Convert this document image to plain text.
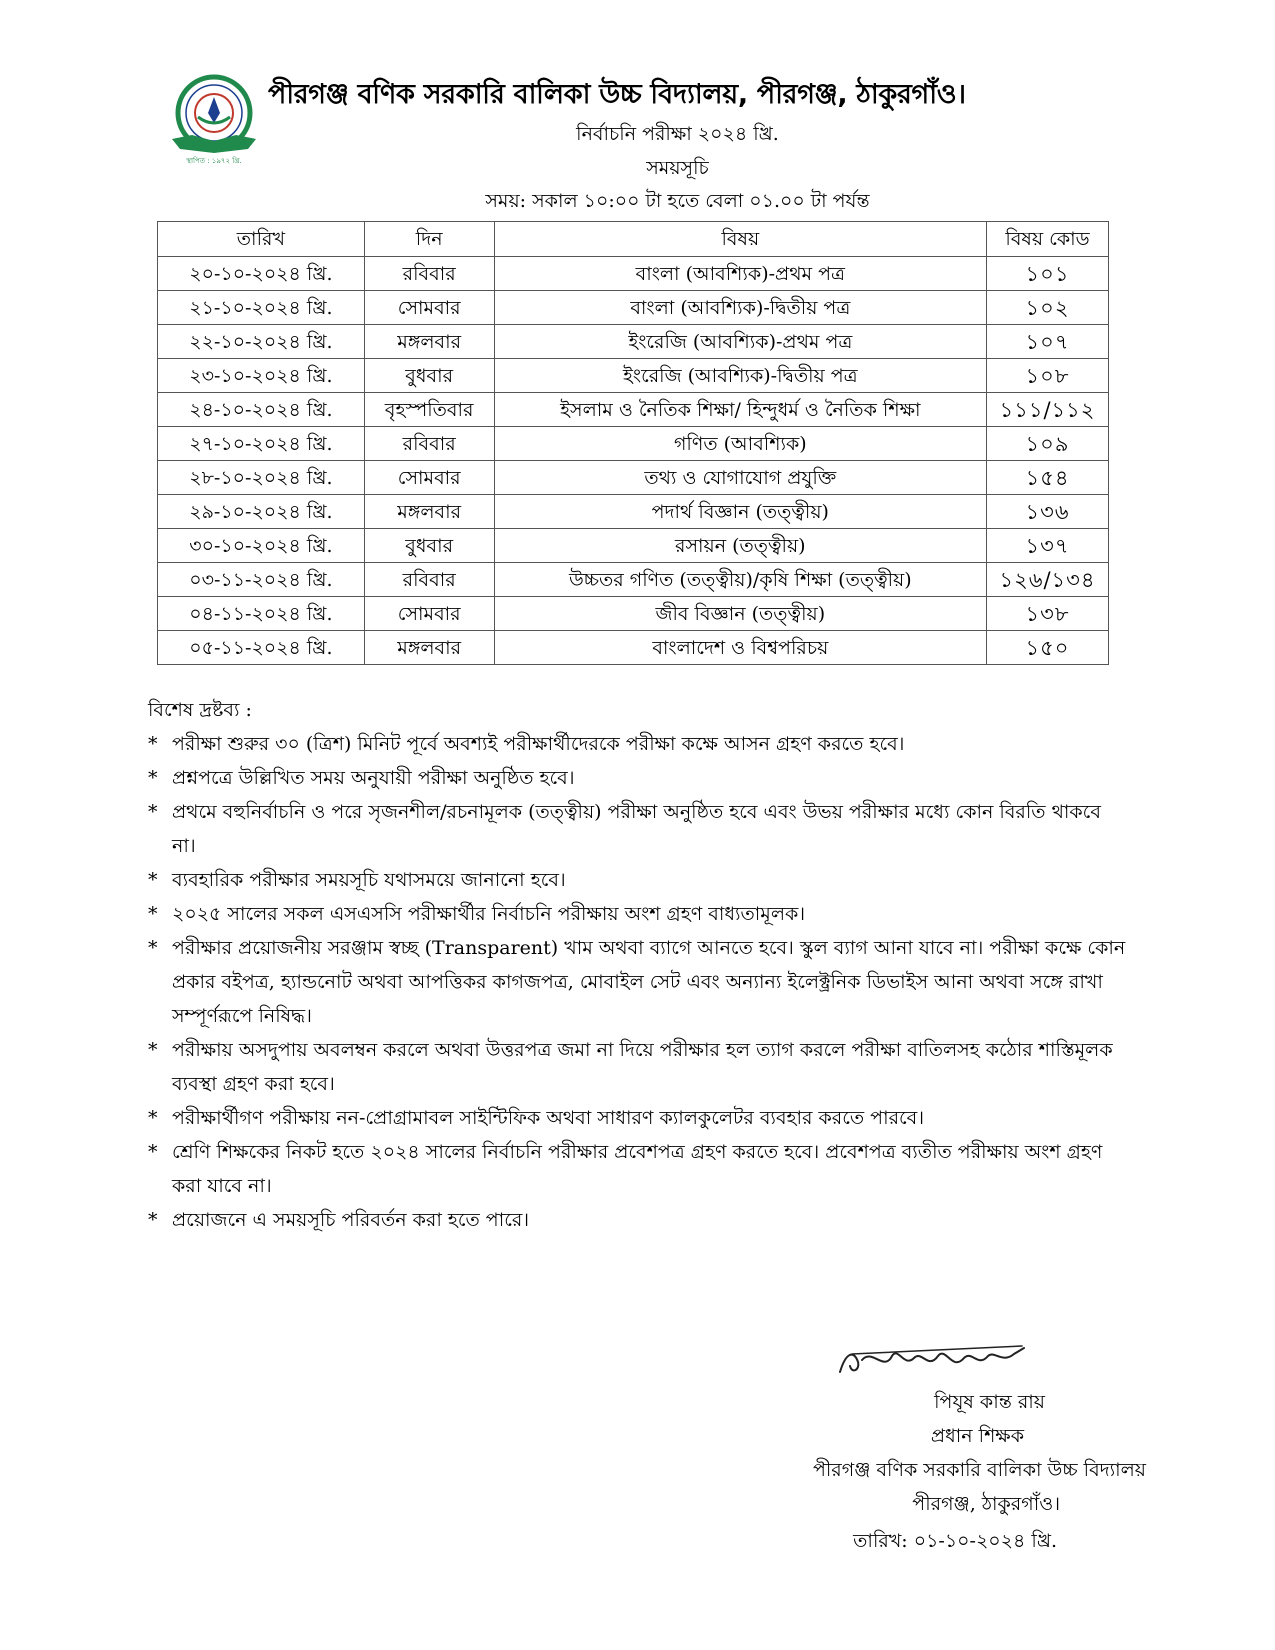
স্থাপিত : ১৯৭২ খ্রি.
পীরগঞ্জ বণিক সরকারি বালিকা উচ্চ বিদ্যালয়, পীরগঞ্জ, ঠাকুরগাঁও।
নির্বাচনি পরীক্ষা ২০২৪ খ্রি.
সময়সূচি
সময়: সকাল ১০:০০ টা হতে বেলা ০১.০০ টা পর্যন্ত
তারিখ	দিন	বিষয়	বিষয় কোড
২০-১০-২০২৪ খ্রি.	রবিবার	বাংলা (আবশ্যিক)-প্রথম পত্র	১০১
২১-১০-২০২৪ খ্রি.	সোমবার	বাংলা (আবশ্যিক)-দ্বিতীয় পত্র	১০২
২২-১০-২০২৪ খ্রি.	মঙ্গলবার	ইংরেজি (আবশ্যিক)-প্রথম পত্র	১০৭
২৩-১০-২০২৪ খ্রি.	বুধবার	ইংরেজি (আবশ্যিক)-দ্বিতীয় পত্র	১০৮
২৪-১০-২০২৪ খ্রি.	বৃহস্পতিবার	ইসলাম ও নৈতিক শিক্ষা/ হিন্দুধর্ম ও নৈতিক শিক্ষা	১১১/১১২
২৭-১০-২০২৪ খ্রি.	রবিবার	গণিত (আবশ্যিক)	১০৯
২৮-১০-২০২৪ খ্রি.	সোমবার	তথ্য ও যোগাযোগ প্রযুক্তি	১৫৪
২৯-১০-২০২৪ খ্রি.	মঙ্গলবার	পদার্থ বিজ্ঞান (তত্ত্বীয়)	১৩৬
৩০-১০-২০২৪ খ্রি.	বুধবার	রসায়ন (তত্ত্বীয়)	১৩৭
০৩-১১-২০২৪ খ্রি.	রবিবার	উচ্চতর গণিত (তত্ত্বীয়)/কৃষি শিক্ষা (তত্ত্বীয়)	১২৬/১৩৪
০৪-১১-২০২৪ খ্রি.	সোমবার	জীব বিজ্ঞান (তত্ত্বীয়)	১৩৮
০৫-১১-২০২৪ খ্রি.	মঙ্গলবার	বাংলাদেশ ও বিশ্বপরিচয়	১৫০
বিশেষ দ্রষ্টব্য :
* পরীক্ষা শুরুর ৩০ (ত্রিশ) মিনিট পূর্বে অবশ্যই পরীক্ষার্থীদেরকে পরীক্ষা কক্ষে আসন গ্রহণ করতে হবে।
* প্রশ্নপত্রে উল্লিখিত সময় অনুযায়ী পরীক্ষা অনুষ্ঠিত হবে।
* প্রথমে বহুনির্বাচনি ও পরে সৃজনশীল/রচনামূলক (তত্ত্বীয়) পরীক্ষা অনুষ্ঠিত হবে এবং উভয় পরীক্ষার মধ্যে কোন বিরতি থাকবে না।
* ব্যবহারিক পরীক্ষার সময়সূচি যথাসময়ে জানানো হবে।
* ২০২৫ সালের সকল এসএসসি পরীক্ষার্থীর নির্বাচনি পরীক্ষায় অংশ গ্রহণ বাধ্যতামূলক।
* পরীক্ষার প্রয়োজনীয় সরঞ্জাম স্বচ্ছ (Transparent) খাম অথবা ব্যাগে আনতে হবে। স্কুল ব্যাগ আনা যাবে না। পরীক্ষা কক্ষে কোন প্রকার বইপত্র, হ্যান্ডনোট অথবা আপত্তিকর কাগজপত্র, মোবাইল সেট এবং অন্যান্য ইলেক্ট্রনিক ডিভাইস আনা অথবা সঙ্গে রাখা সম্পূর্ণরূপে নিষিদ্ধ।
* পরীক্ষায় অসদুপায় অবলম্বন করলে অথবা উত্তরপত্র জমা না দিয়ে পরীক্ষার হল ত্যাগ করলে পরীক্ষা বাতিলসহ কঠোর শাস্তিমূলক ব্যবস্থা গ্রহণ করা হবে।
* পরীক্ষার্থীগণ পরীক্ষায় নন-প্রোগ্রামাবল সাইন্টিফিক অথবা সাধারণ ক্যালকুলেটর ব্যবহার করতে পারবে।
* শ্রেণি শিক্ষকের নিকট হতে ২০২৪ সালের নির্বাচনি পরীক্ষার প্রবেশপত্র গ্রহণ করতে হবে। প্রবেশপত্র ব্যতীত পরীক্ষায় অংশ গ্রহণ করা যাবে না।
* প্রয়োজনে এ সময়সূচি পরিবর্তন করা হতে পারে।
পিযূষ কান্ত রায়
প্রধান শিক্ষক
পীরগঞ্জ বণিক সরকারি বালিকা উচ্চ বিদ্যালয়
পীরগঞ্জ, ঠাকুরগাঁও।
তারিখ: ০১-১০-২০২৪ খ্রি.
